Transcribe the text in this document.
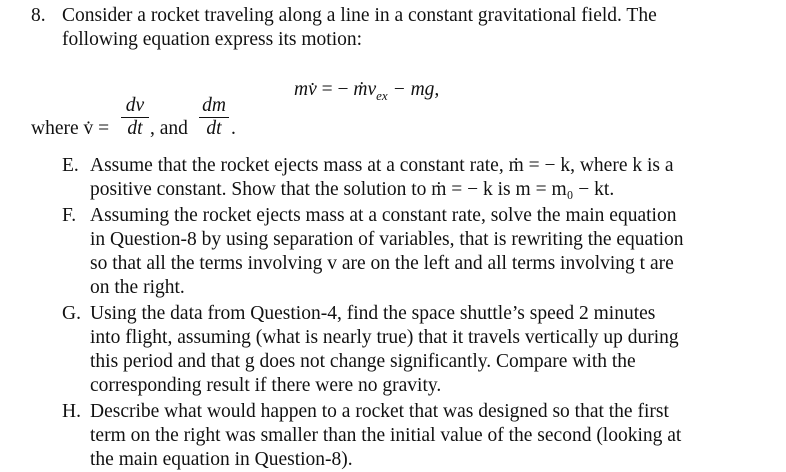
8. Consider a rocket traveling along a line in a constant gravitational field. The
following equation express its motion:
mv̇ = − ṁv$_{ex}$ − mg,
where v̇ =
dv
dt , and
dm
dt .
E. Assume that the rocket ejects mass at a constant rate, ṁ = − k, where k is a
positive constant. Show that the solution to ṁ = − k is m = m₀ − kt.
F. Assuming the rocket ejects mass at a constant rate, solve the main equation
in Question-8 by using separation of variables, that is rewriting the equation
so that all the terms involving v are on the left and all terms involving t are
on the right.
G. Using the data from Question-4, find the space shuttle’s speed 2 minutes
into flight, assuming (what is nearly true) that it travels vertically up during
this period and that g does not change significantly. Compare with the
corresponding result if there were no gravity.
H. Describe what would happen to a rocket that was designed so that the first
term on the right was smaller than the initial value of the second (looking at
the main equation in Question-8).
